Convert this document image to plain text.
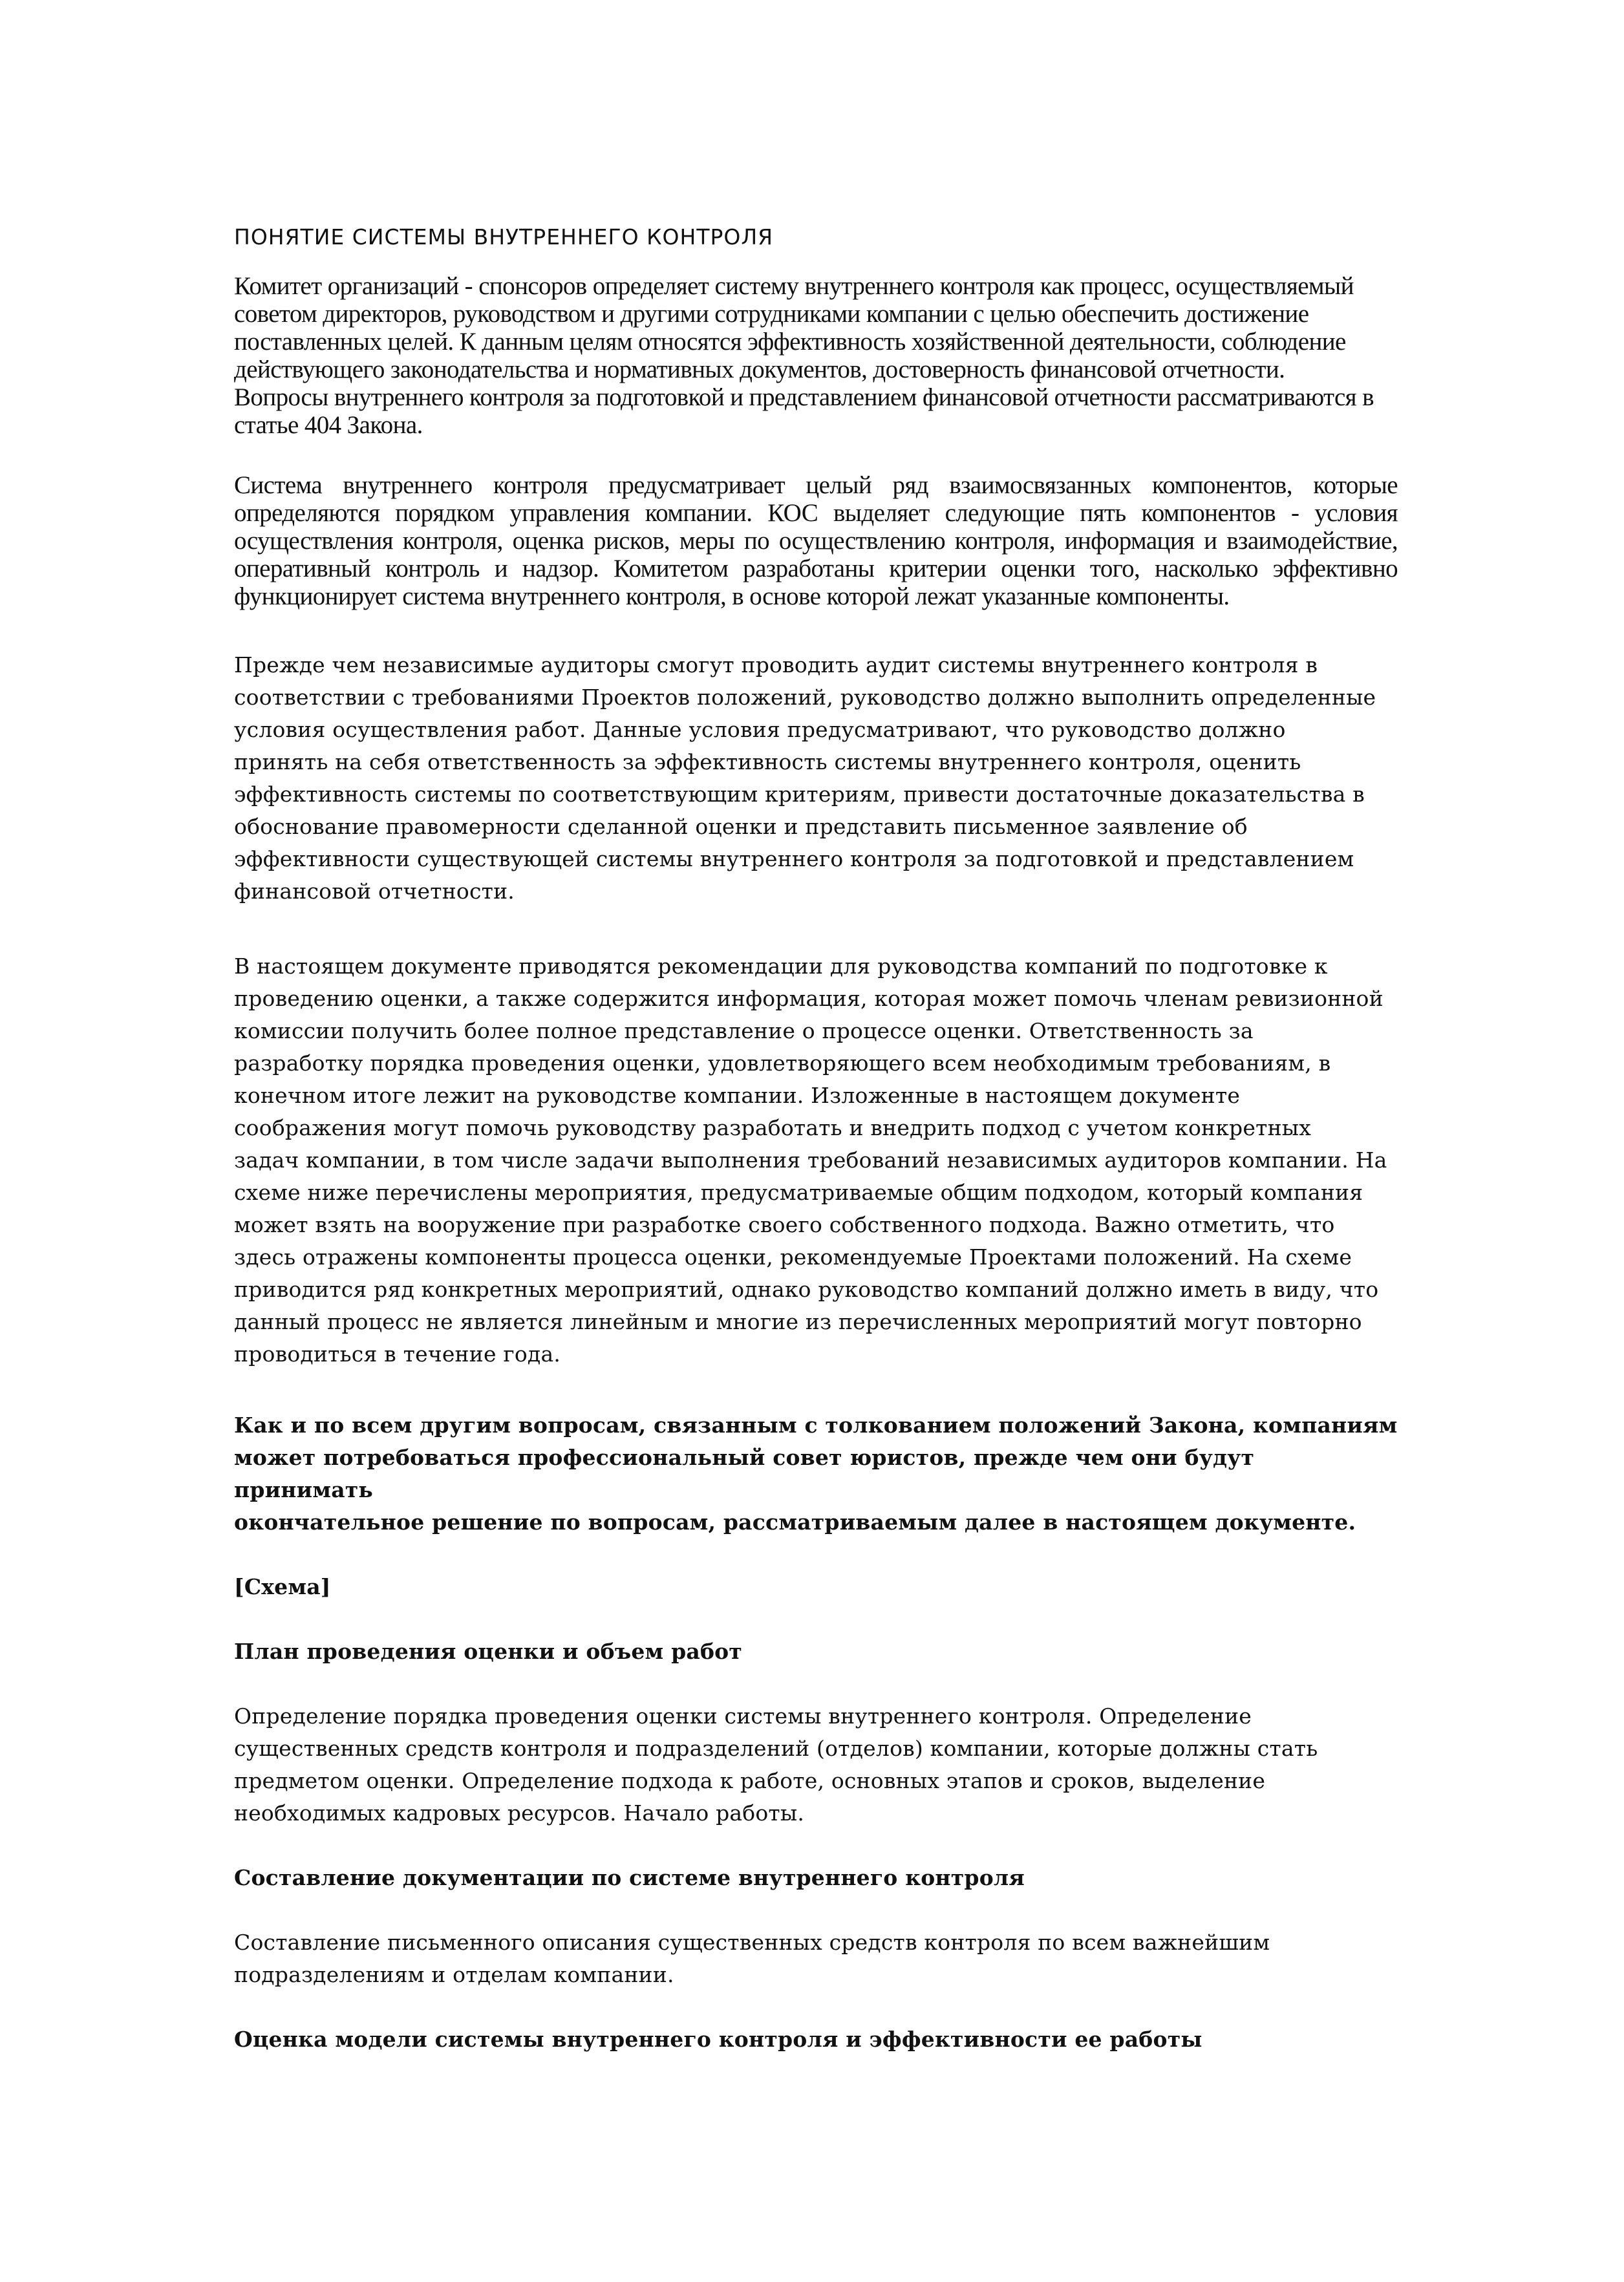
ПОНЯТИЕ СИСТЕМЫ ВНУТРЕННЕГО КОНТРОЛЯ

Комитет организаций - спонсоров определяет систему внутреннего контроля как процесс, осуществляемый
советом директоров, руководством и другими сотрудниками компании с целью обеспечить достижение
поставленных целей. К данным целям относятся эффективность хозяйственной деятельности, соблюдение
действующего законодательства и нормативных документов, достоверность финансовой отчетности.
Вопросы внутреннего контроля за подготовкой и представлением финансовой отчетности рассматриваются в
статье 404 Закона.

Система внутреннего контроля предусматривает целый ряд взаимосвязанных компонентов, которые определяются порядком управления компании. КОС выделяет следующие пять компонентов - условия осуществления контроля, оценка рисков, меры по осуществлению контроля, информация и взаимодействие, оперативный контроль и надзор. Комитетом разработаны критерии оценки того, насколько эффективно функционирует система внутреннего контроля, в основе которой лежат указанные компоненты.

Прежде чем независимые аудиторы смогут проводить аудит системы внутреннего контроля в
соответствии с требованиями Проектов положений, руководство должно выполнить определенные
условия осуществления работ. Данные условия предусматривают, что руководство должно
принять на себя ответственность за эффективность системы внутреннего контроля, оценить
эффективность системы по соответствующим критериям, привести достаточные доказательства в
обоснование правомерности сделанной оценки и представить письменное заявление об
эффективности существующей системы внутреннего контроля за подготовкой и представлением
финансовой отчетности.

В настоящем документе приводятся рекомендации для руководства компаний по подготовке к
проведению оценки, а также содержится информация, которая может помочь членам ревизионной
комиссии получить более полное представление о процессе оценки. Ответственность за
разработку порядка проведения оценки, удовлетворяющего всем необходимым требованиям, в
конечном итоге лежит на руководстве компании. Изложенные в настоящем документе
соображения могут помочь руководству разработать и внедрить подход с учетом конкретных
задач компании, в том числе задачи выполнения требований независимых аудиторов компании. На
схеме ниже перечислены мероприятия, предусматриваемые общим подходом, который компания
может взять на вооружение при разработке своего собственного подхода. Важно отметить, что
здесь отражены компоненты процесса оценки, рекомендуемые Проектами положений. На схеме
приводится ряд конкретных мероприятий, однако руководство компаний должно иметь в виду, что
данный процесс не является линейным и многие из перечисленных мероприятий могут повторно
проводиться в течение года.

Как и по всем другим вопросам, связанным с толкованием положений Закона, компаниям
может потребоваться профессиональный совет юристов, прежде чем они будут принимать
окончательное решение по вопросам, рассматриваемым далее в настоящем документе.

[Схема]

План проведения оценки и объем работ

Определение порядка проведения оценки системы внутреннего контроля. Определение
существенных средств контроля и подразделений (отделов) компании, которые должны стать
предметом оценки. Определение подхода к работе, основных этапов и сроков, выделение
необходимых кадровых ресурсов. Начало работы.

Составление документации по системе внутреннего контроля

Составление письменного описания существенных средств контроля по всем важнейшим
подразделениям и отделам компании.

Оценка модели системы внутреннего контроля и эффективности ее работы
